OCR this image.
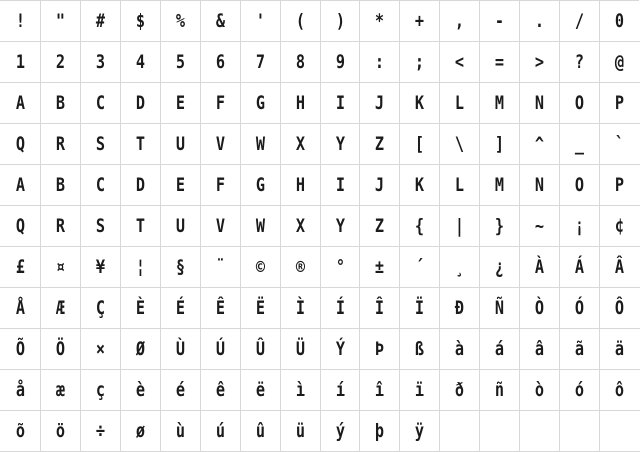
!	"	#	$	%	&	'	(	)	*	+	,	-	.	/	0

1	2	3	4	5	6	7	8	9	:	;	<	=	>	?	@

A	B	C	D	E	F	G	H	I	J	K	L	M	N	O	P

Q	R	S	T	U	V	W	X	Y	Z	[	\	]	^	_	`

A	B	C	D	E	F	G	H	I	J	K	L	M	N	O	P

Q	R	S	T	U	V	W	X	Y	Z	{	|	}	~	¡	¢

£	¤	¥	¦	§	¨	©	®	°	±	´	¸	¿	À	Á	Â

Å	Æ	Ç	È	É	Ê	Ë	Ì	Í	Î	Ï	Ð	Ñ	Ò	Ó	Ô

Õ	Ö	×	Ø	Ù	Ú	Û	Ü	Ý	Þ	ß	à	á	â	ã	ä

å	æ	ç	è	é	ê	ë	ì	í	î	ï	ð	ñ	ò	ó	ô

õ	ö	÷	ø	ù	ú	û	ü	ý	þ	ÿ					
